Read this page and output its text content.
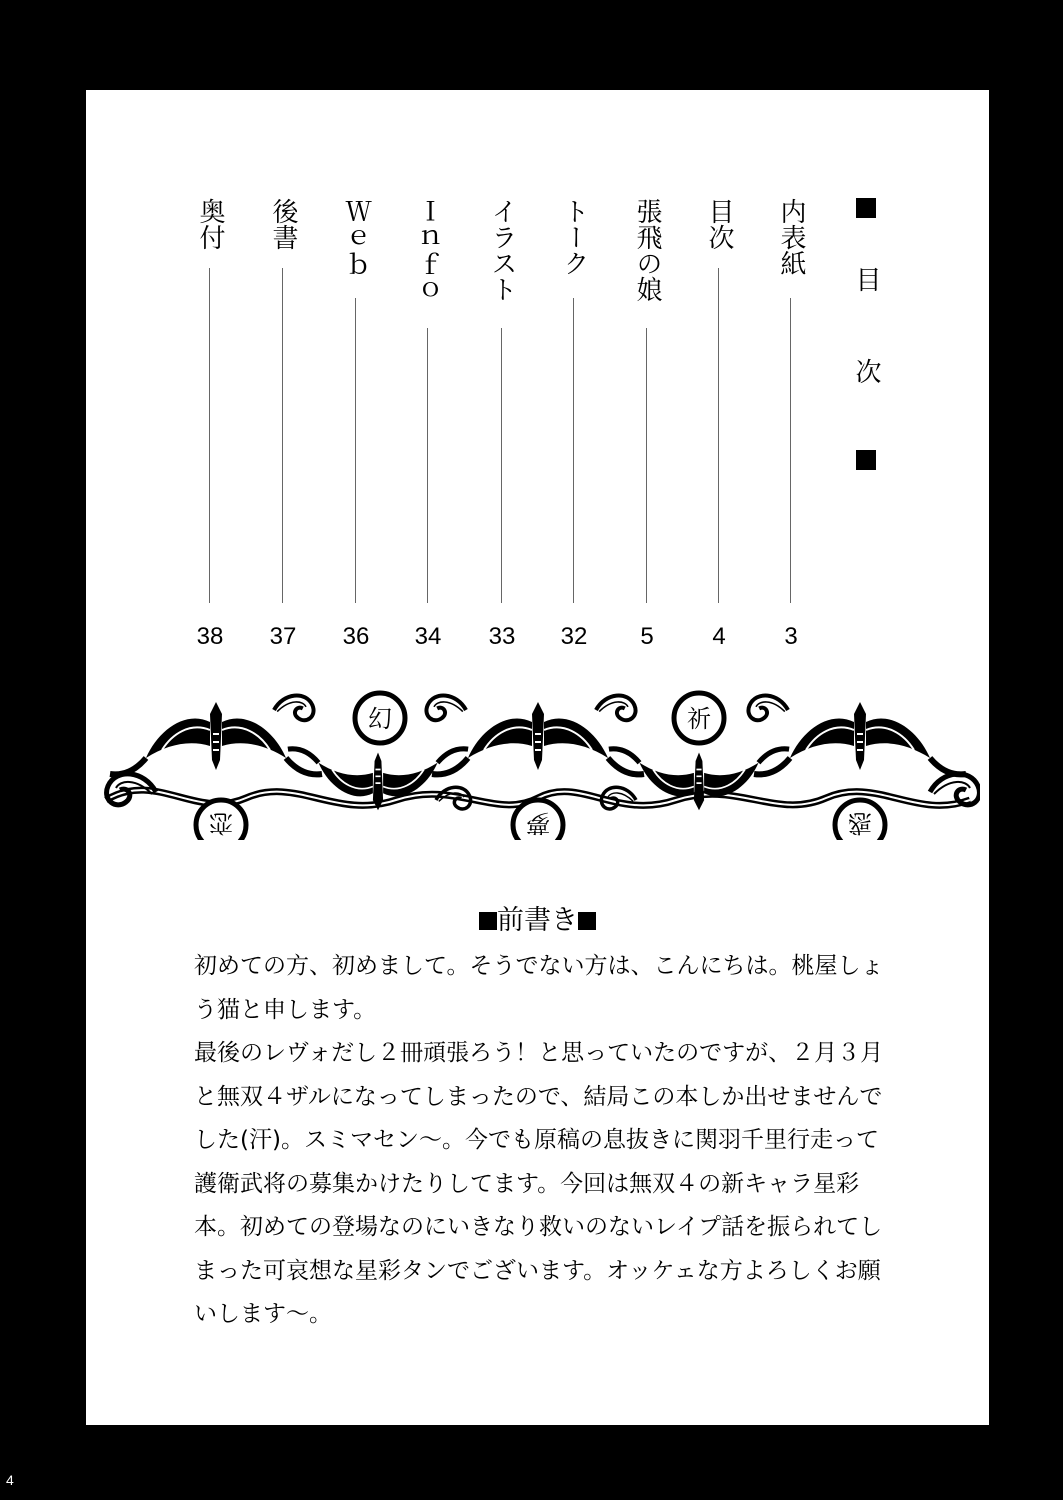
目 次
内表紙
3
目次
4
張飛の娘
5
トーク
32
イラスト
33
Ｉｎｆｏ
34
Ｗｅｂ
36
後書
37
奥付
38
恋
幻
夢
祈
惑
前書き
初めての方、初めまして。そうでない方は、こんにちは。桃屋しょう猫と申します。
最後のレヴォだし２冊頑張ろう！と思っていたのですが、２月３月と無双４ザルになってしまったので、結局この本しか出せませんでした(汗)。スミマセン～。今でも原稿の息抜きに関羽千里行走って護衛武将の募集かけたりしてます。今回は無双４の新キャラ星彩本。初めての登場なのにいきなり救いのないレイプ話を振られてしまった可哀想な星彩タンでございます。オッケェな方よろしくお願いします～。
4
